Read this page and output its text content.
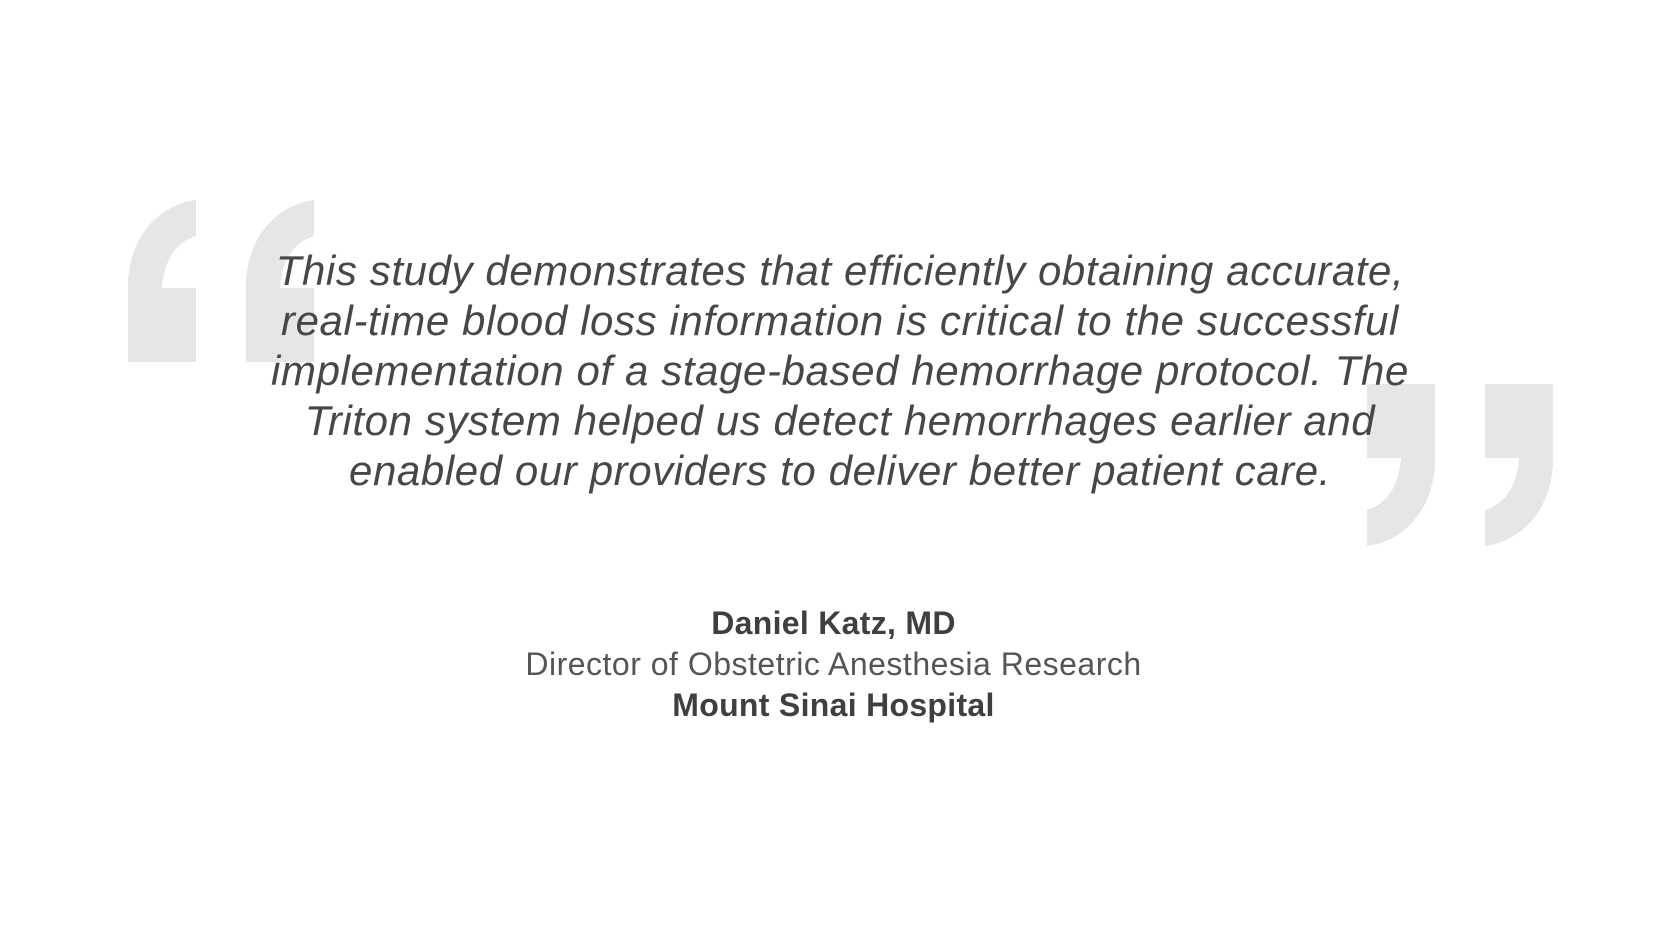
This study demonstrates that efficiently obtaining accurate,
real-time blood loss information is critical to the successful
implementation of a stage-based hemorrhage protocol. The
Triton system helped us detect hemorrhages earlier and
enabled our providers to deliver better patient care.
Daniel Katz, MD
Director of Obstetric Anesthesia Research
Mount Sinai Hospital
